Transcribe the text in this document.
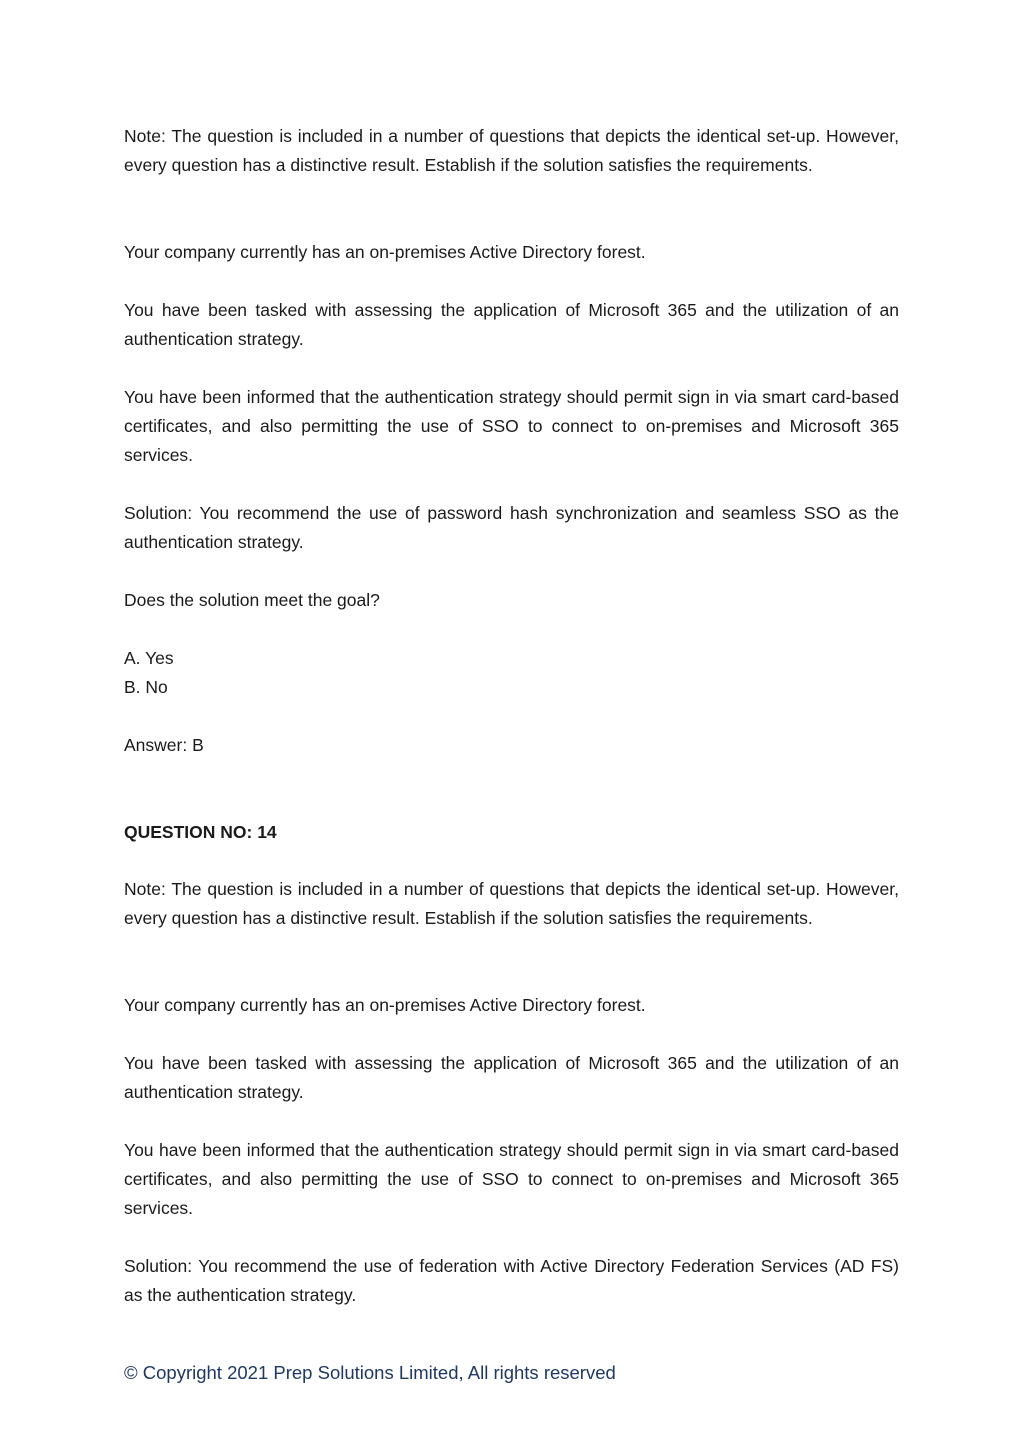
Note: The question is included in a number of questions that depicts the identical set-up. However, every question has a distinctive result. Establish if the solution satisfies the requirements.

Your company currently has an on-premises Active Directory forest.

You have been tasked with assessing the application of Microsoft 365 and the utilization of an authentication strategy.

You have been informed that the authentication strategy should permit sign in via smart card-based certificates, and also permitting the use of SSO to connect to on-premises and Microsoft 365 services.

Solution: You recommend the use of password hash synchronization and seamless SSO as the authentication strategy.

Does the solution meet the goal?

A. Yes
B. No

Answer: B

QUESTION NO: 14

Note: The question is included in a number of questions that depicts the identical set-up. However, every question has a distinctive result. Establish if the solution satisfies the requirements.

Your company currently has an on-premises Active Directory forest.

You have been tasked with assessing the application of Microsoft 365 and the utilization of an authentication strategy.

You have been informed that the authentication strategy should permit sign in via smart card-based certificates, and also permitting the use of SSO to connect to on-premises and Microsoft 365 services.

Solution: You recommend the use of federation with Active Directory Federation Services (AD FS) as the authentication strategy.

© Copyright 2021 Prep Solutions Limited, All rights reserved
